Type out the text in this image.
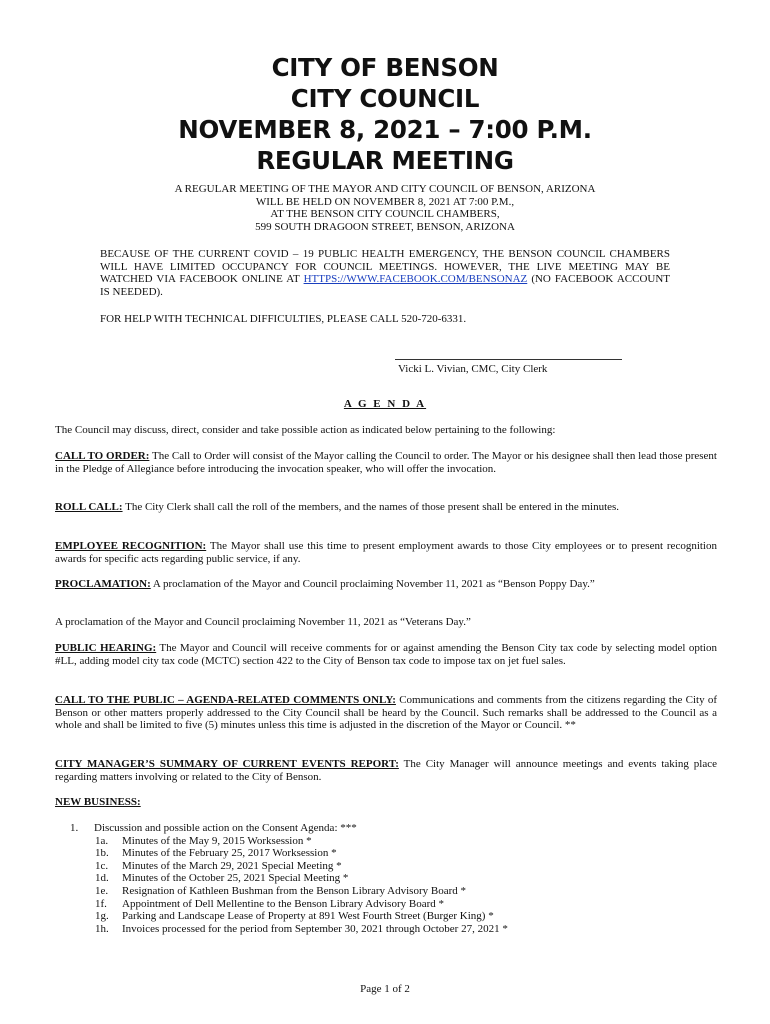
CITY OF BENSON
CITY COUNCIL
NOVEMBER 8, 2021 – 7:00 P.M.
REGULAR MEETING
A REGULAR MEETING OF THE MAYOR AND CITY COUNCIL OF BENSON, ARIZONA
WILL BE HELD ON NOVEMBER 8, 2021 AT 7:00 P.M.,
AT THE BENSON CITY COUNCIL CHAMBERS,
599 SOUTH DRAGOON STREET, BENSON, ARIZONA
BECAUSE OF THE CURRENT COVID – 19 PUBLIC HEALTH EMERGENCY, THE BENSON COUNCIL CHAMBERS WILL HAVE LIMITED OCCUPANCY FOR COUNCIL MEETINGS. HOWEVER, THE LIVE MEETING MAY BE WATCHED VIA FACEBOOK ONLINE AT HTTPS://WWW.FACEBOOK.COM/BENSONAZ (NO FACEBOOK ACCOUNT IS NEEDED).
FOR HELP WITH TECHNICAL DIFFICULTIES, PLEASE CALL 520-720-6331.
Vicki L. Vivian, CMC, City Clerk
A G E N D A
The Council may discuss, direct, consider and take possible action as indicated below pertaining to the following:
CALL TO ORDER: The Call to Order will consist of the Mayor calling the Council to order. The Mayor or his designee shall then lead those present in the Pledge of Allegiance before introducing the invocation speaker, who will offer the invocation.
ROLL CALL: The City Clerk shall call the roll of the members, and the names of those present shall be entered in the minutes.
EMPLOYEE RECOGNITION: The Mayor shall use this time to present employment awards to those City employees or to present recognition awards for specific acts regarding public service, if any.
PROCLAMATION: A proclamation of the Mayor and Council proclaiming November 11, 2021 as “Benson Poppy Day.”
A proclamation of the Mayor and Council proclaiming November 11, 2021 as “Veterans Day.”
PUBLIC HEARING: The Mayor and Council will receive comments for or against amending the Benson City tax code by selecting model option #LL, adding model city tax code (MCTC) section 422 to the City of Benson tax code to impose tax on jet fuel sales.
CALL TO THE PUBLIC – AGENDA-RELATED COMMENTS ONLY: Communications and comments from the citizens regarding the City of Benson or other matters properly addressed to the City Council shall be heard by the Council. Such remarks shall be addressed to the Council as a whole and shall be limited to five (5) minutes unless this time is adjusted in the discretion of the Mayor or Council. **
CITY MANAGER’S SUMMARY OF CURRENT EVENTS REPORT: The City Manager will announce meetings and events taking place regarding matters involving or related to the City of Benson.
NEW BUSINESS:
1.	Discussion and possible action on the Consent Agenda: ***
1a.	Minutes of the May 9, 2015 Worksession *
1b.	Minutes of the February 25, 2017 Worksession *
1c.	Minutes of the March 29, 2021 Special Meeting *
1d.	Minutes of the October 25, 2021 Special Meeting *
1e.	Resignation of Kathleen Bushman from the Benson Library Advisory Board *
1f.	Appointment of Dell Mellentine to the Benson Library Advisory Board *
1g.	Parking and Landscape Lease of Property at 891 West Fourth Street (Burger King) *
1h.	Invoices processed for the period from September 30, 2021 through October 27, 2021 *
Page 1 of 2
